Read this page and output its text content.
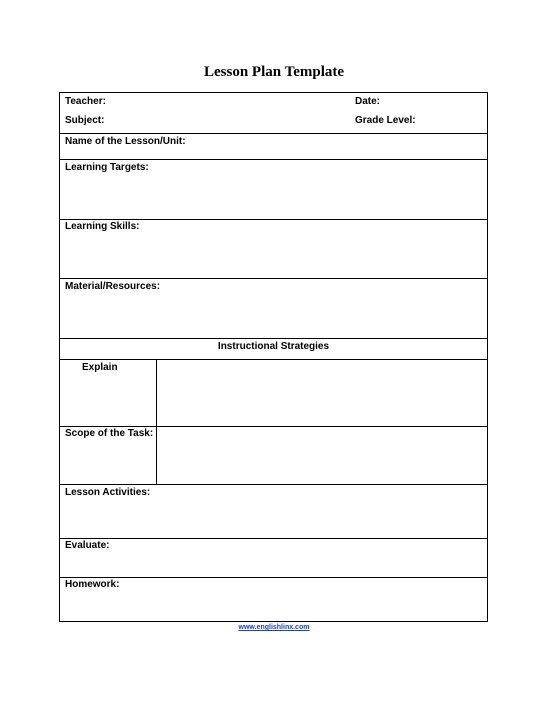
Lesson Plan Template
Teacher:	Date:
Subject:	Grade Level:
Name of the Lesson/Unit:
Learning Targets:
Learning Skills:
Material/Resources:
Instructional Strategies
Explain
Scope of the Task:
Lesson Activities:
Evaluate:
Homework:
www.englishlinx.com
